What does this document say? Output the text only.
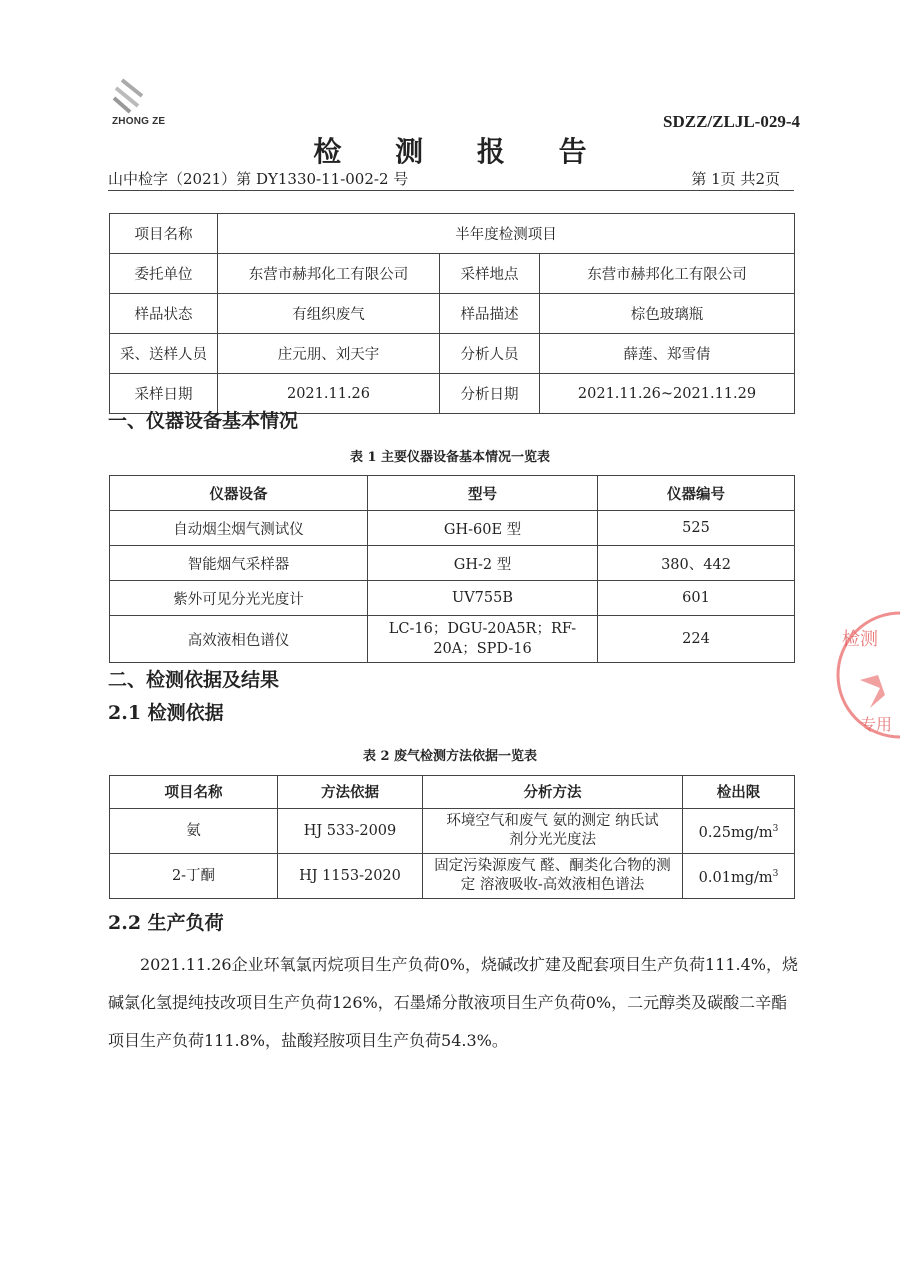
ZHONG ZE	SDZZ/ZLJL-029-4
检 测 报 告
山中检字（2021）第 DY1330-11-002-2 号	第 1页 共2页
项目名称	半年度检测项目		
委托单位	东营市赫邦化工有限公司	采样地点	东营市赫邦化工有限公司
样品状态	有组织废气	样品描述	棕色玻璃瓶
采、送样人员	庄元朋、刘天宇	分析人员	薛莲、郑雪倩
采样日期	2021.11.26	分析日期	2021.11.26~2021.11.29
一、仪器设备基本情况
表 1 主要仪器设备基本情况一览表
仪器设备	型号	仪器编号
自动烟尘烟气测试仪	GH-60E 型	525
智能烟气采样器	GH-2 型	380、442
紫外可见分光光度计	UV755B	601
高效液相色谱仪	LC-16；DGU-20A5R；RF-20A；SPD-16	224
二、检测依据及结果
2.1 检测依据
表 2 废气检测方法依据一览表
项目名称	方法依据	分析方法	检出限
氨	HJ 533-2009	环境空气和废气 氨的测定 纳氏试剂分光光度法	$0.25mg/m^3$
2-丁酮	HJ 1153-2020	固定污染源废气 醛、酮类化合物的测定 溶液吸收-高效液相色谱法	$0.01mg/m^3$
2.2 生产负荷
2021.11.26企业环氧氯丙烷项目生产负荷0%，烧碱改扩建及配套项目生产负荷111.4%，烧碱氯化氢提纯技改项目生产负荷126%，石墨烯分散液项目生产负荷0%，二元醇类及碳酸二辛酯项目生产负荷111.8%，盐酸羟胺项目生产负荷54.3%。
检测
专用
